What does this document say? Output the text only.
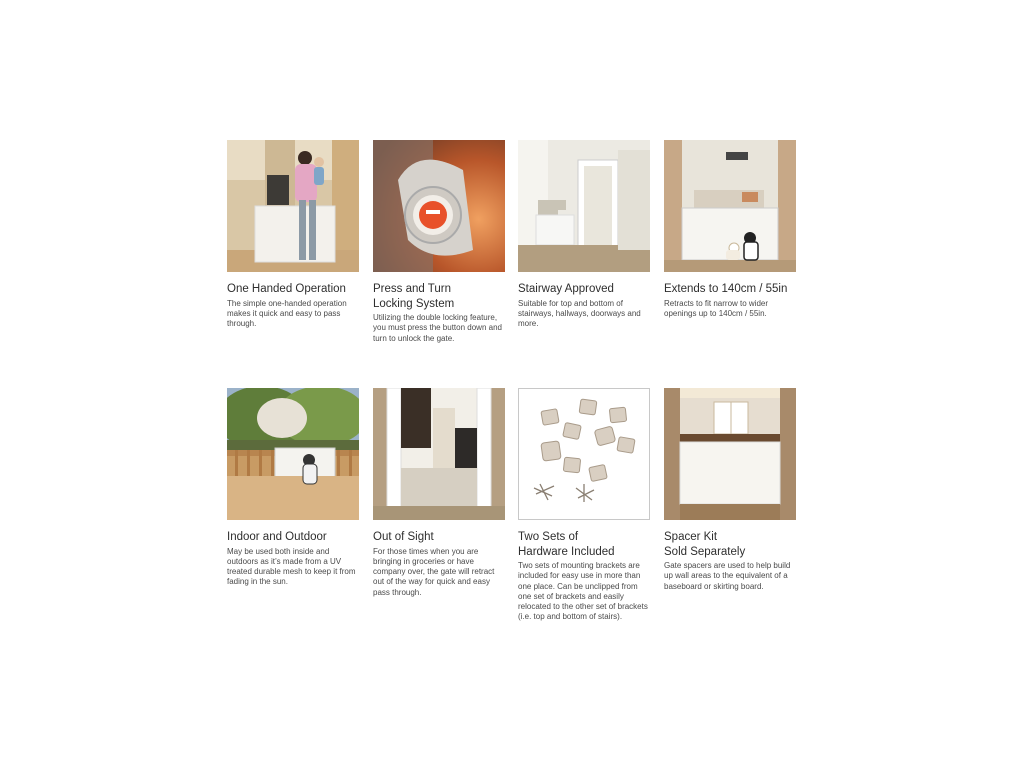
One Handed Operation
The simple one-handed operation makes it quick and easy to pass through.
Press and Turn
Locking System
Utilizing the double locking feature, you must press the button down and turn to unlock the gate.
Stairway Approved
Suitable for top and bottom of stairways, hallways, doorways and more.
Extends to 140cm / 55in
Retracts to fit narrow to wider openings up to 140cm / 55in.
Indoor and Outdoor
May be used both inside and outdoors as it’s made from a UV treated durable mesh to keep it from fading in the sun.
Out of Sight
For those times when you are bringing in groceries or have company over, the gate will retract out of the way for quick and easy pass through.
Two Sets of
Hardware Included
Two sets of mounting brackets are included for easy use in more than one place. Can be unclipped from one set of brackets and easily relocated to the other set of brackets (i.e. top and bottom of stairs).
Spacer Kit
Sold Separately
Gate spacers are used to help build up wall areas to the equivalent of a baseboard or skirting board.
